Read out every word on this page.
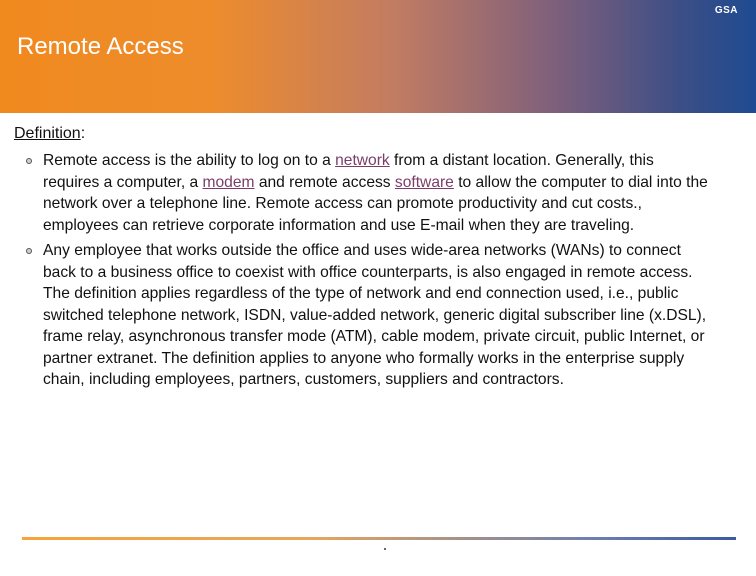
GSA
Remote Access

Definition:

Remote access is the ability to log on to a network from a distant location. Generally, this requires a computer, a modem and remote access software to allow the computer to dial into the network over a telephone line. Remote access can promote productivity and cut costs., employees can retrieve corporate information and use E-mail when they are traveling.
Any employee that works outside the office and uses wide-area networks (WANs) to connect back to a business office to coexist with office counterparts, is also engaged in remote access. The definition applies regardless of the type of network and end connection used, i.e., public switched telephone network, ISDN, value-added network, generic digital subscriber line (x.DSL), frame relay, asynchronous transfer mode (ATM), cable modem, private circuit, public Internet, or partner extranet. The definition applies to anyone who formally works in the enterprise supply chain, including employees, partners, customers, suppliers and contractors.
